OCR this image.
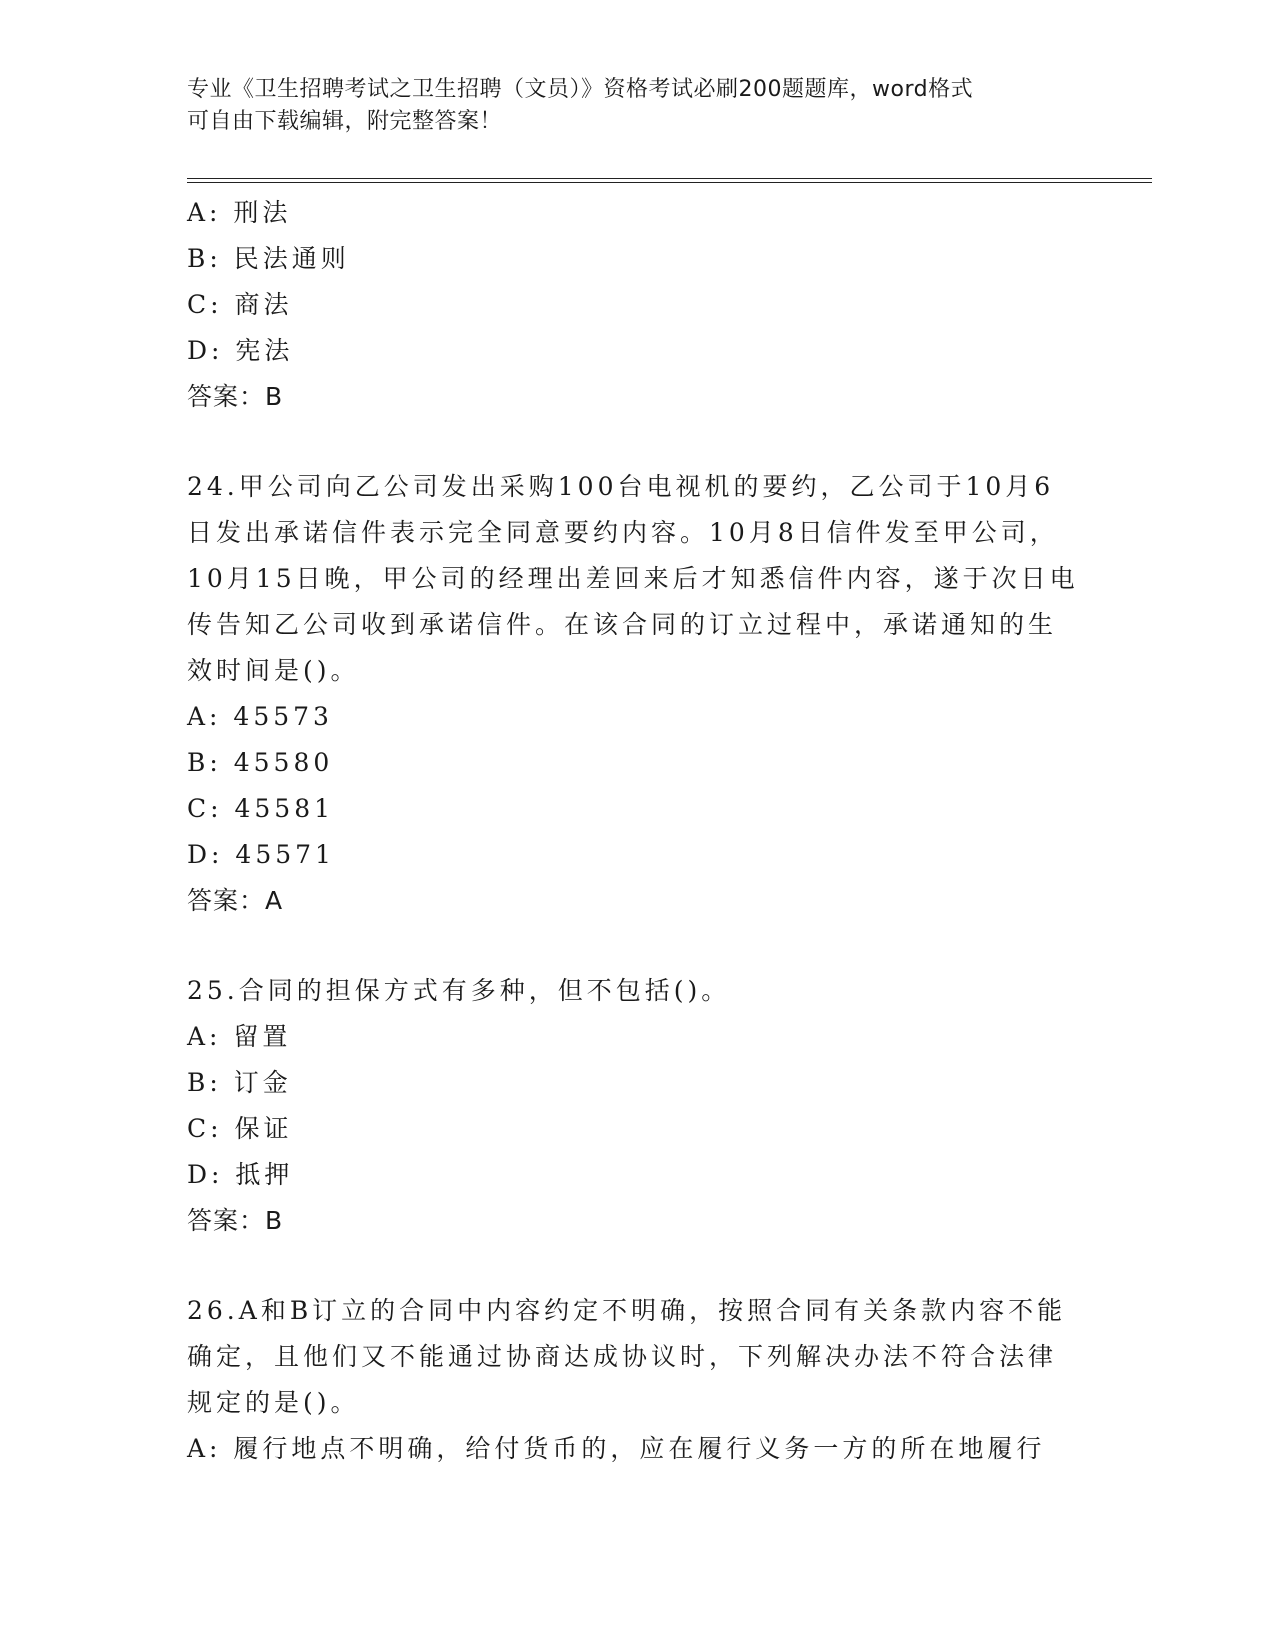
专业《卫生招聘考试之卫生招聘（文员）》资格考试必刷200题题库，word格式
可自由下载编辑，附完整答案！
A: 刑法
B: 民法通则
C: 商法
D: 宪法
答案：B
24.甲公司向乙公司发出采购100台电视机的要约，乙公司于10月6
日发出承诺信件表示完全同意要约内容。10月8日信件发至甲公司，
10月15日晚，甲公司的经理出差回来后才知悉信件内容，遂于次日电
传告知乙公司收到承诺信件。在该合同的订立过程中，承诺通知的生
效时间是()。
A: 45573
B: 45580
C: 45581
D: 45571
答案：A
25.合同的担保方式有多种，但不包括()。
A: 留置
B: 订金
C: 保证
D: 抵押
答案：B
26.A和B订立的合同中内容约定不明确，按照合同有关条款内容不能
确定，且他们又不能通过协商达成协议时，下列解决办法不符合法律
规定的是()。
A: 履行地点不明确，给付货币的，应在履行义务一方的所在地履行
